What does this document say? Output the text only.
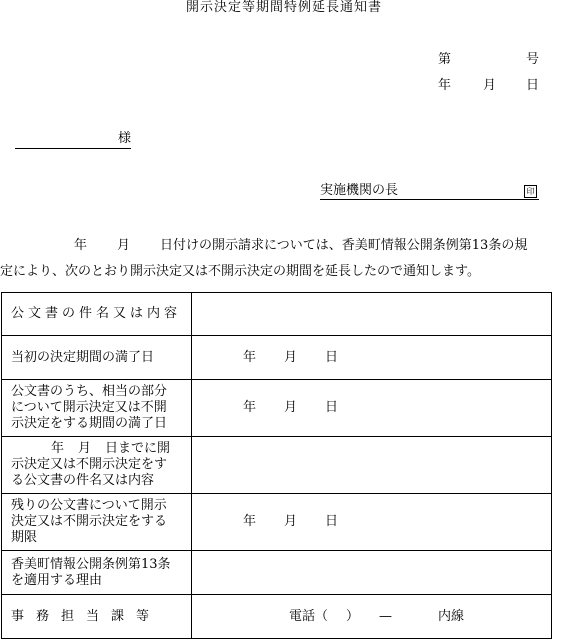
開示決定等期間特例延長通知書
第	号
年 月 日
様
実施機関の長	印
年 月 日付けの開示請求については、香美町情報公開条例第13条の規
定により、次のとおり開示決定又は不開示決定の期間を延長したので通知します。
公文書の件名又は内容	
当初の決定期間の満了日	年 月 日

公文書のうち、相当の部分
について開示決定又は不開
示決定をする期間の満了日	年 月 日

年 月 日までに開
示決定又は不開示決定をす
る公文書の件名又は内容	

残りの公文書について開示
決定又は不開示決定をする
期限	年 月 日

香美町情報公開条例第13条
を適用する理由	

事務担当課等	電話（ ） — 内線
